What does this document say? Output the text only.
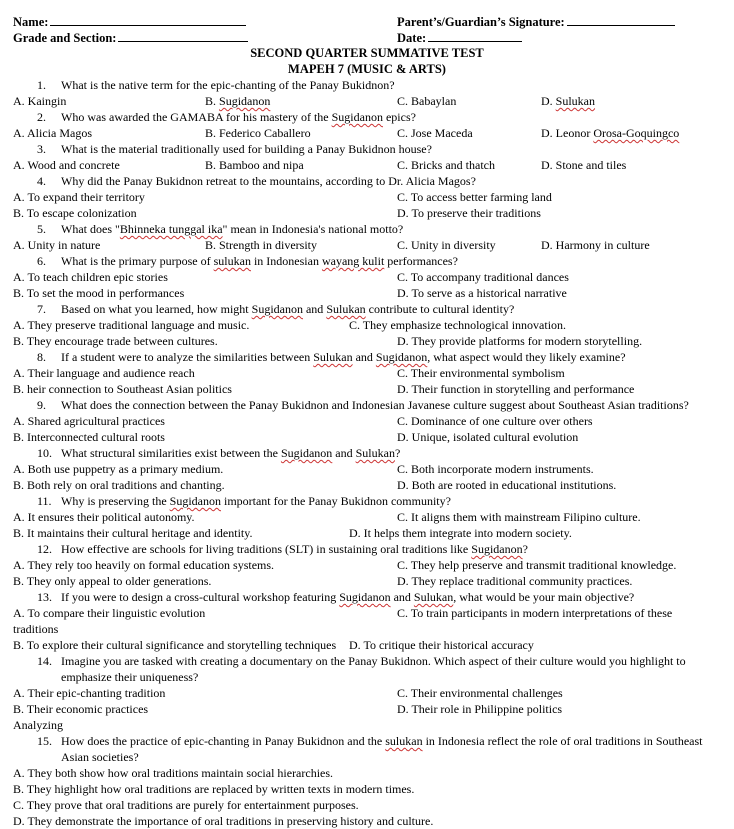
Name:	Parent’s/Guardian’s Signature:
Grade and Section:	Date:
SECOND QUARTER SUMMATIVE TEST
MAPEH 7 (MUSIC & ARTS)
1. What is the native term for the epic-chanting of the Panay Bukidnon?
A. Kaingin	B. Sugidanon	C. Babaylan	D. Sulukan
2. Who was awarded the GAMABA for his mastery of the Sugidanon epics?
A. Alicia Magos	B. Federico Caballero	C. Jose Maceda	D. Leonor Orosa-Goquingco
3. What is the material traditionally used for building a Panay Bukidnon house?
A. Wood and concrete	B. Bamboo and nipa	C. Bricks and thatch	D. Stone and tiles
4. Why did the Panay Bukidnon retreat to the mountains, according to Dr. Alicia Magos?
A. To expand their territory	C. To access better farming land
B. To escape colonization	D. To preserve their traditions
5. What does "Bhinneka tunggal ika" mean in Indonesia's national motto?
A. Unity in nature	B. Strength in diversity	C. Unity in diversity	D. Harmony in culture
6. What is the primary purpose of sulukan in Indonesian wayang kulit performances?
A. To teach children epic stories	C. To accompany traditional dances
B. To set the mood in performances	D. To serve as a historical narrative
7. Based on what you learned, how might Sugidanon and Sulukan contribute to cultural identity?
A. They preserve traditional language and music.	C. They emphasize technological innovation.
B. They encourage trade between cultures.	D. They provide platforms for modern storytelling.
8. If a student were to analyze the similarities between Sulukan and Sugidanon, what aspect would they likely examine?
A. Their language and audience reach	C. Their environmental symbolism
B. heir connection to Southeast Asian politics	D. Their function in storytelling and performance
9. What does the connection between the Panay Bukidnon and Indonesian Javanese culture suggest about Southeast Asian traditions?
A. Shared agricultural practices	C. Dominance of one culture over others
B. Interconnected cultural roots	D. Unique, isolated cultural evolution
10. What structural similarities exist between the Sugidanon and Sulukan?
A. Both use puppetry as a primary medium.	C. Both incorporate modern instruments.
B. Both rely on oral traditions and chanting.	D. Both are rooted in educational institutions.
11. Why is preserving the Sugidanon important for the Panay Bukidnon community?
A. It ensures their political autonomy.	C. It aligns them with mainstream Filipino culture.
B. It maintains their cultural heritage and identity.	D. It helps them integrate into modern society.
12. How effective are schools for living traditions (SLT) in sustaining oral traditions like Sugidanon?
A. They rely too heavily on formal education systems.	C. They help preserve and transmit traditional knowledge.
B. They only appeal to older generations.	D. They replace traditional community practices.
13. If you were to design a cross-cultural workshop featuring Sugidanon and Sulukan, what would be your main objective?
A. To compare their linguistic evolution	C. To train participants in modern interpretations of these
traditions
B. To explore their cultural significance and storytelling techniques D. To critique their historical accuracy
14. Imagine you are tasked with creating a documentary on the Panay Bukidnon. Which aspect of their culture would you highlight to
emphasize their uniqueness?
A. Their epic-chanting tradition	C. Their environmental challenges
B. Their economic practices	D. Their role in Philippine politics
Analyzing
15. How does the practice of epic-chanting in Panay Bukidnon and the sulukan in Indonesia reflect the role of oral traditions in Southeast
Asian societies?
A. They both show how oral traditions maintain social hierarchies.
B. They highlight how oral traditions are replaced by written texts in modern times.
C. They prove that oral traditions are purely for entertainment purposes.
D. They demonstrate the importance of oral traditions in preserving history and culture.
